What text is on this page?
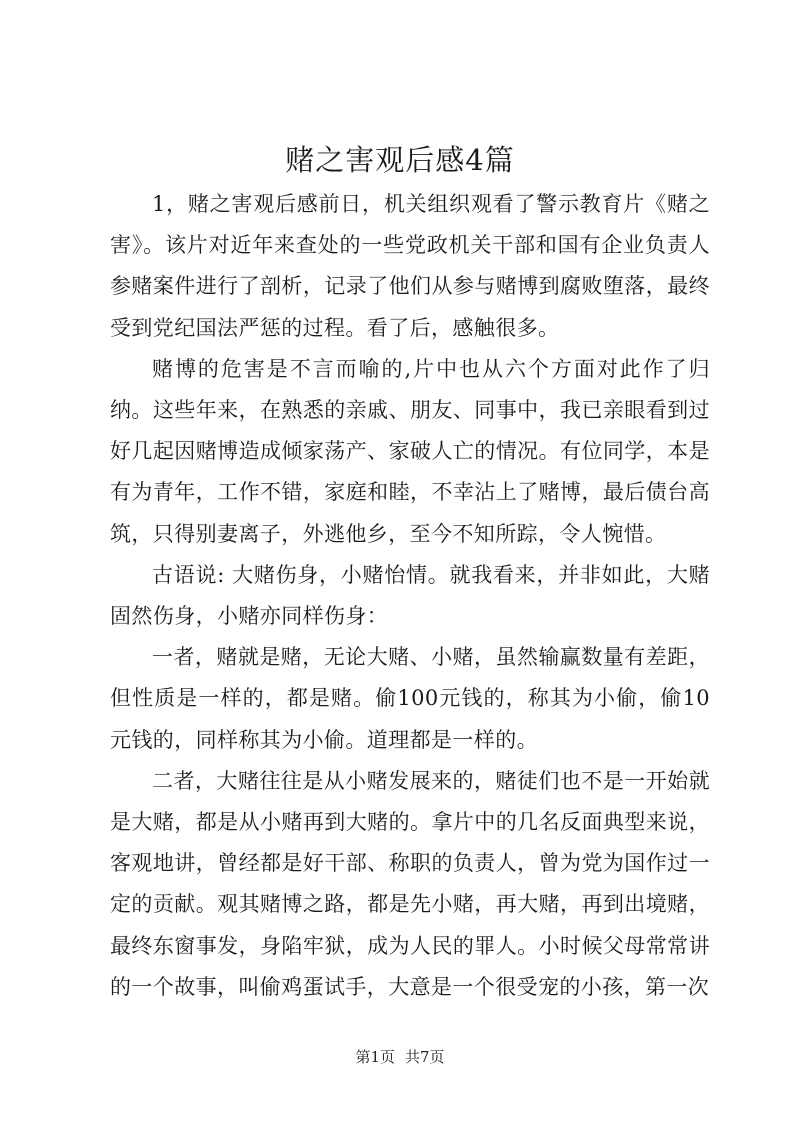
赌之害观后感4篇

1，赌之害观后感前日，机关组织观看了警示教育片《赌之害》。该片对近年来查处的一些党政机关干部和国有企业负责人参赌案件进行了剖析，记录了他们从参与赌博到腐败堕落，最终受到党纪国法严惩的过程。看了后，感触很多。

赌博的危害是不言而喻的,片中也从六个方面对此作了归纳。这些年来，在熟悉的亲戚、朋友、同事中，我已亲眼看到过好几起因赌博造成倾家荡产、家破人亡的情况。有位同学，本是有为青年，工作不错，家庭和睦，不幸沾上了赌博，最后债台高筑，只得别妻离子，外逃他乡，至今不知所踪，令人惋惜。

古语说: 大赌伤身，小赌怡情。就我看来，并非如此，大赌固然伤身，小赌亦同样伤身：

一者，赌就是赌，无论大赌、小赌，虽然输赢数量有差距，但性质是一样的，都是赌。偷100元钱的，称其为小偷，偷10元钱的，同样称其为小偷。道理都是一样的。

二者，大赌往往是从小赌发展来的，赌徒们也不是一开始就是大赌，都是从小赌再到大赌的。拿片中的几名反面典型来说，客观地讲，曾经都是好干部、称职的负责人，曾为党为国作过一定的贡献。观其赌博之路，都是先小赌，再大赌，再到出境赌，最终东窗事发，身陷牢狱，成为人民的罪人。小时候父母常常讲的一个故事，叫偷鸡蛋试手，大意是一个很受宠的小孩，第一次

第1页 共7页
